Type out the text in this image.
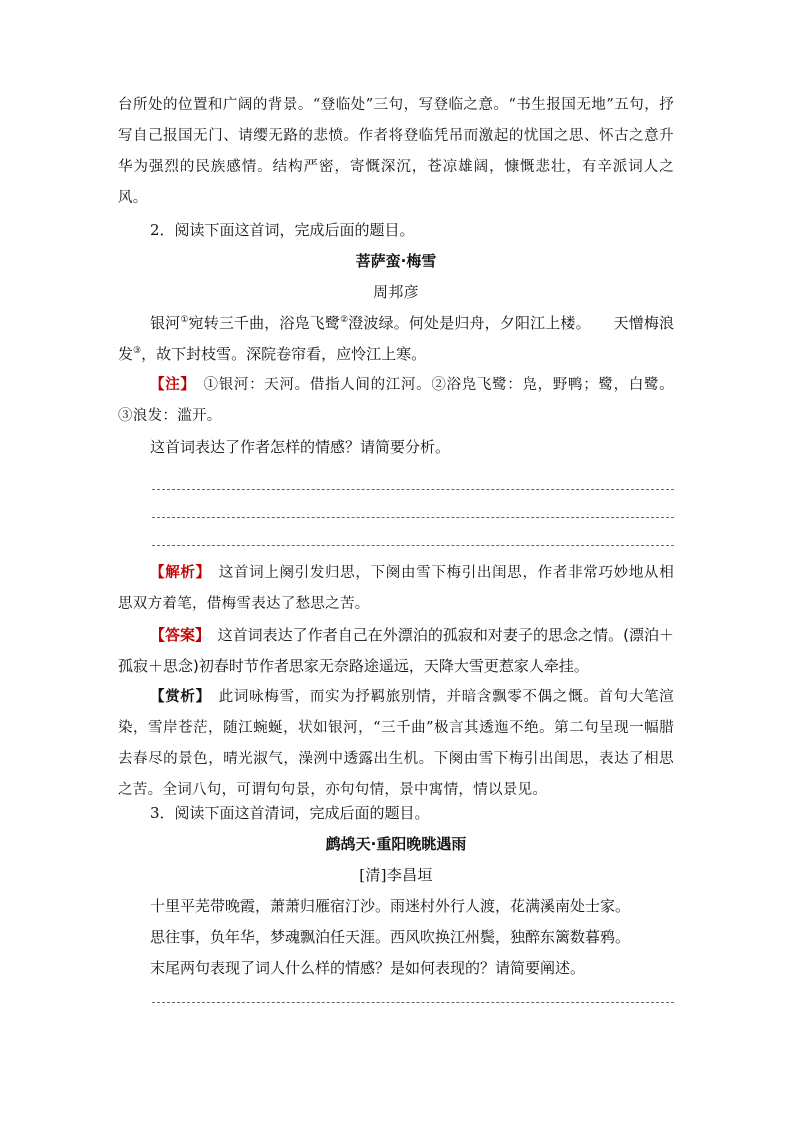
台所处的位置和广阔的背景。“登临处”三句，写登临之意。“书生报国无地”五句，抒写自己报国无门、请缨无路的悲愤。作者将登临凭吊而激起的忧国之思、怀古之意升华为强烈的民族感情。结构严密，寄慨深沉，苍凉雄阔，慷慨悲壮，有辛派词人之风。

2．阅读下面这首词，完成后面的题目。

菩萨蛮·梅雪

周邦彦

银河①宛转三千曲，浴凫飞鹭②澄波绿。何处是归舟，夕阳江上楼。　　天憎梅浪发③，故下封枝雪。深院卷帘看，应怜江上寒。

【注】　①银河：天河。借指人间的江河。②浴凫飞鹭：凫，野鸭；鹭，白鹭。③浪发：滥开。

这首词表达了作者怎样的情感？请简要分析。

【解析】　这首词上阕引发归思，下阕由雪下梅引出闺思，作者非常巧妙地从相思双方着笔，借梅雪表达了愁思之苦。

【答案】　这首词表达了作者自己在外漂泊的孤寂和对妻子的思念之情。(漂泊＋孤寂＋思念)初春时节作者思家无奈路途遥远，天降大雪更惹家人牵挂。

【赏析】　此词咏梅雪，而实为抒羁旅别情，并暗含飘零不偶之慨。首句大笔渲染，雪岸苍茫，随江蜿蜒，状如银河，“三千曲”极言其透迤不绝。第二句呈现一幅腊去春尽的景色，晴光淑气，澡洌中透露出生机。下阕由雪下梅引出闺思，表达了相思之苦。全词八句，可谓句句景，亦句句情，景中寓情，情以景见。

3．阅读下面这首清词，完成后面的题目。

鹧鸪天·重阳晚眺遇雨

[清]李昌垣

十里平芜带晚霞，萧萧归雁宿汀沙。雨迷村外行人渡，花满溪南处士家。

思往事，负年华，梦魂飘泊任天涯。西风吹换江州鬓，独醉东篱数暮鸦。

末尾两句表现了词人什么样的情感？是如何表现的？请简要阐述。
